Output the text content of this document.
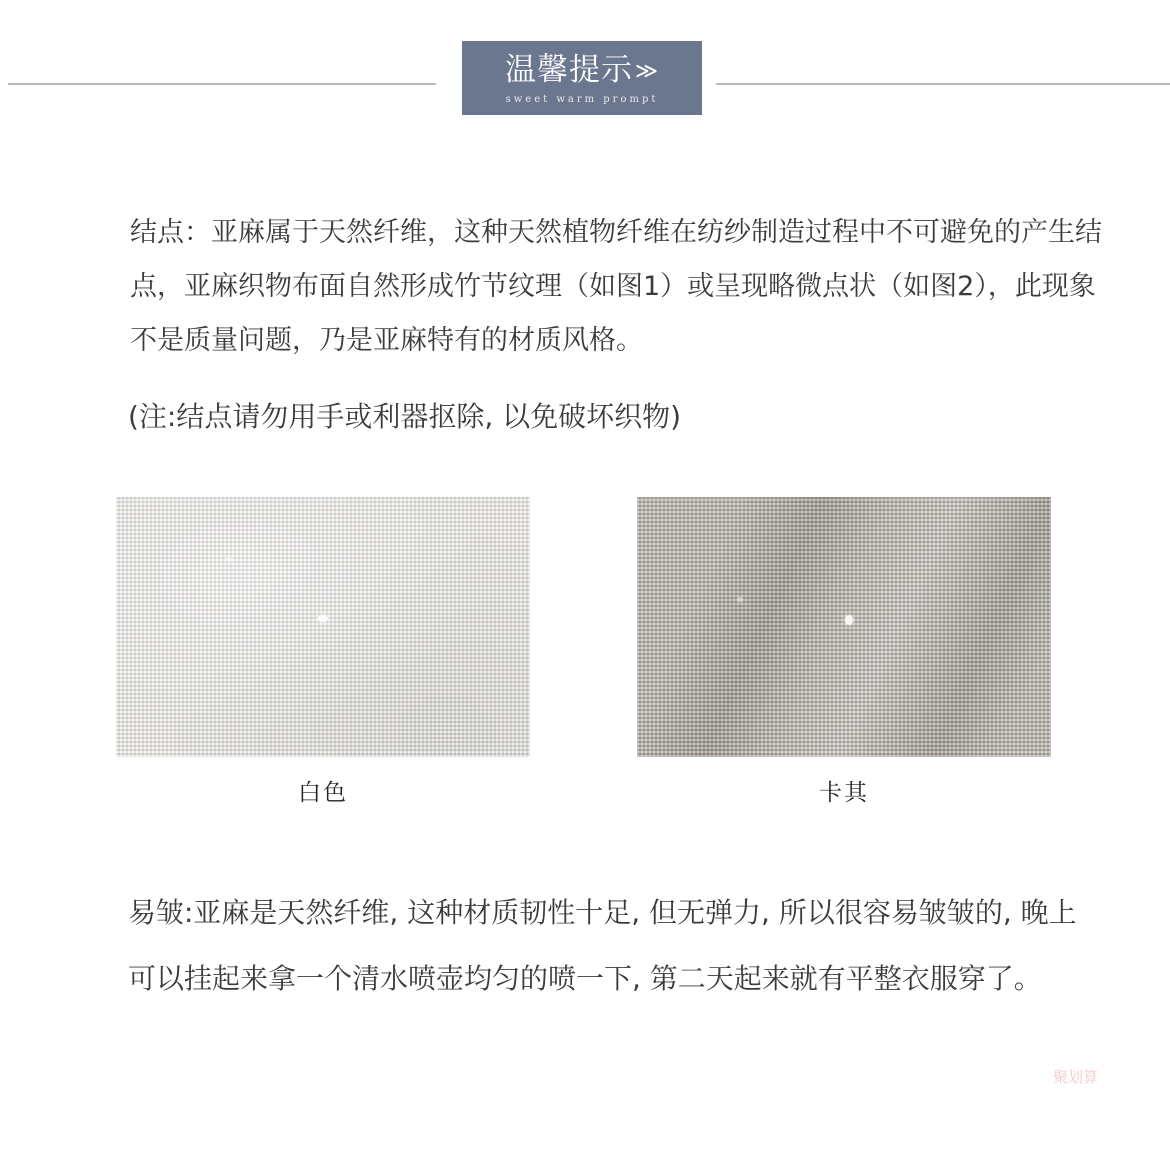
温馨提示≫
sweet warm prompt

结点：亚麻属于天然纤维，这种天然植物纤维在纺纱制造过程中不可避免的产生结点，亚麻织物布面自然形成竹节纹理（如图1）或呈现略微点状（如图2），此现象不是质量问题，乃是亚麻特有的材质风格。

(注:结点请勿用手或利器抠除, 以免破坏织物)

白色	卡其

易皱:亚麻是天然纤维, 这种材质韧性十足, 但无弹力, 所以很容易皱皱的, 晚上可以挂起来拿一个清水喷壶均匀的喷一下, 第二天起来就有平整衣服穿了。

聚划算
